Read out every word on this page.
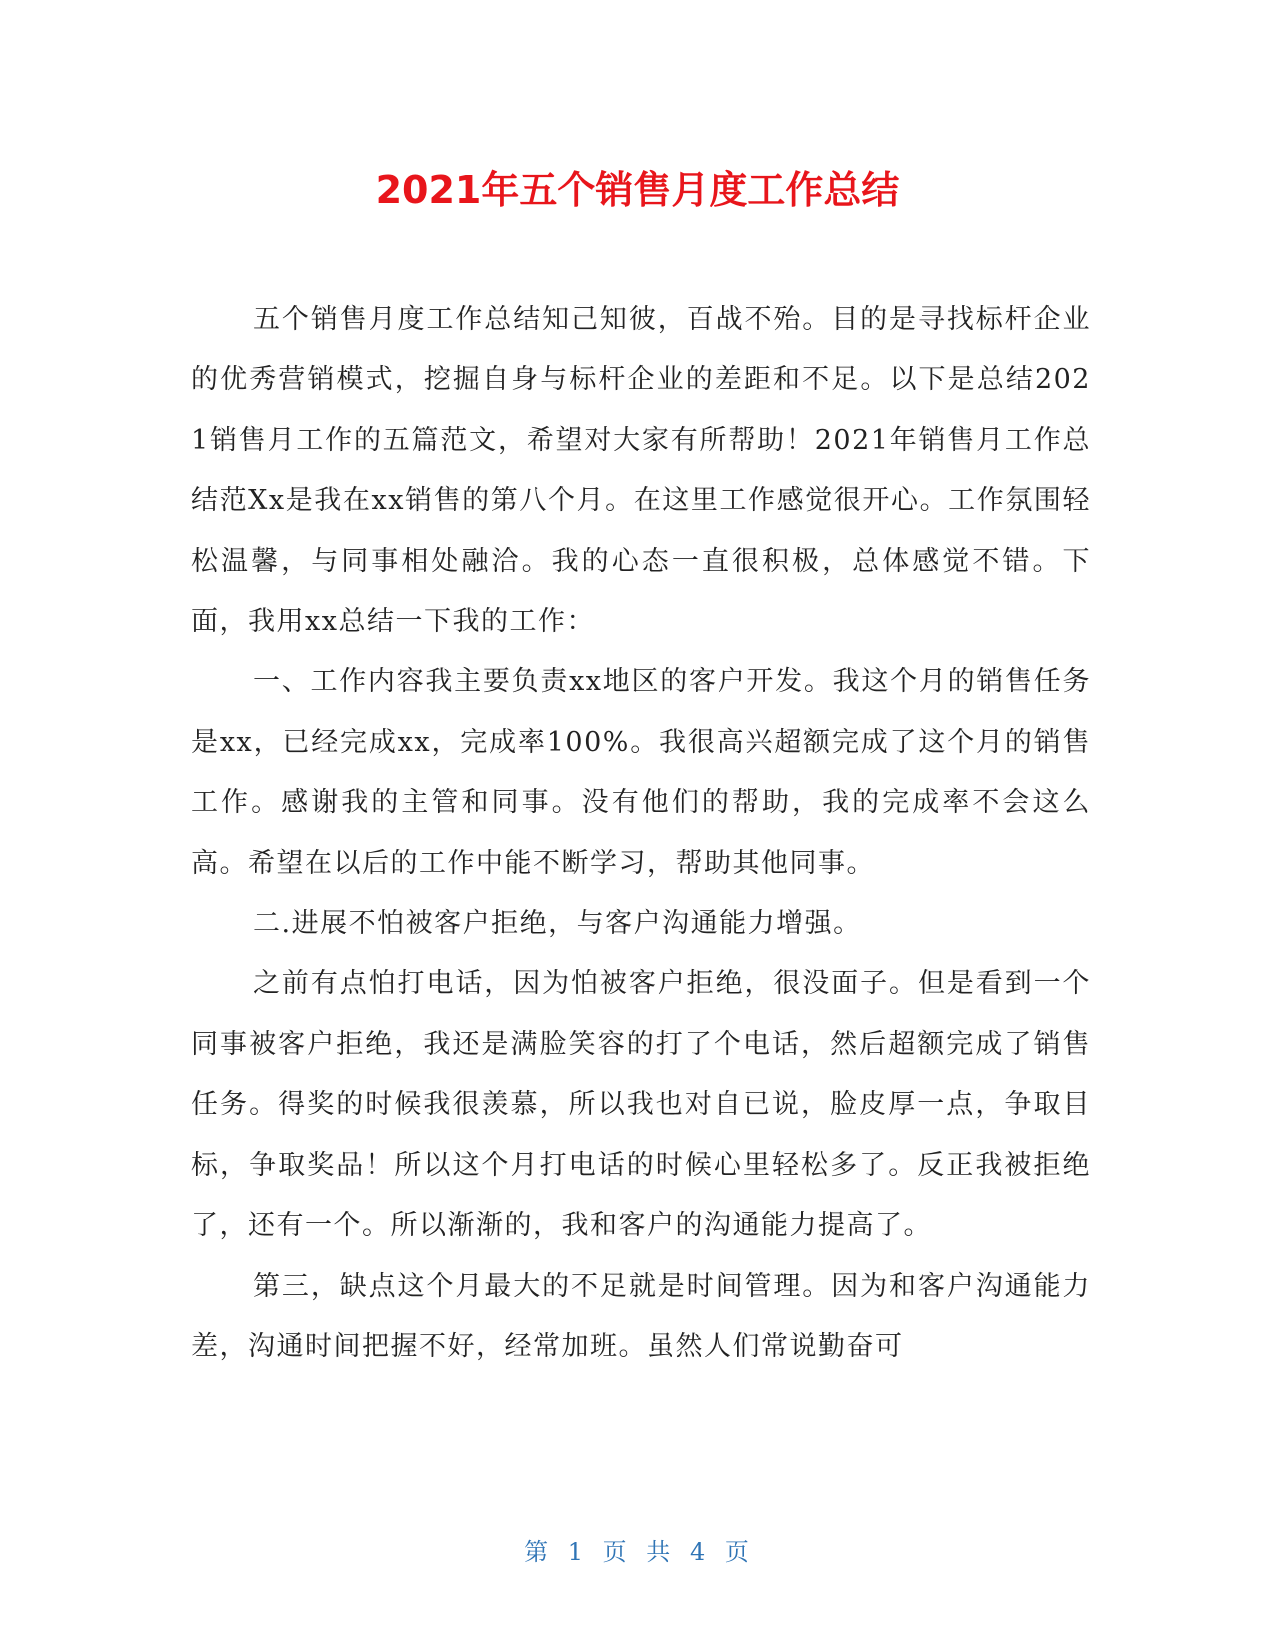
2021年五个销售月度工作总结

五个销售月度工作总结知己知彼，百战不殆。目的是寻找标杆企业的优秀营销模式，挖掘自身与标杆企业的差距和不足。以下是总结2021销售月工作的五篇范文，希望对大家有所帮助！2021年销售月工作总结范Xx是我在xx销售的第八个月。在这里工作感觉很开心。工作氛围轻松温馨，与同事相处融洽。我的心态一直很积极，总体感觉不错。下面，我用xx总结一下我的工作：

一、工作内容我主要负责xx地区的客户开发。我这个月的销售任务是xx，已经完成xx，完成率100%。我很高兴超额完成了这个月的销售工作。感谢我的主管和同事。没有他们的帮助，我的完成率不会这么高。希望在以后的工作中能不断学习，帮助其他同事。

二.进展不怕被客户拒绝，与客户沟通能力增强。

之前有点怕打电话，因为怕被客户拒绝，很没面子。但是看到一个同事被客户拒绝，我还是满脸笑容的打了个电话，然后超额完成了销售任务。得奖的时候我很羡慕，所以我也对自已说，脸皮厚一点，争取目标，争取奖品！所以这个月打电话的时候心里轻松多了。反正我被拒绝了，还有一个。所以渐渐的，我和客户的沟通能力提高了。

第三，缺点这个月最大的不足就是时间管理。因为和客户沟通能力差，沟通时间把握不好，经常加班。虽然人们常说勤奋可

第 1 页 共 4 页
